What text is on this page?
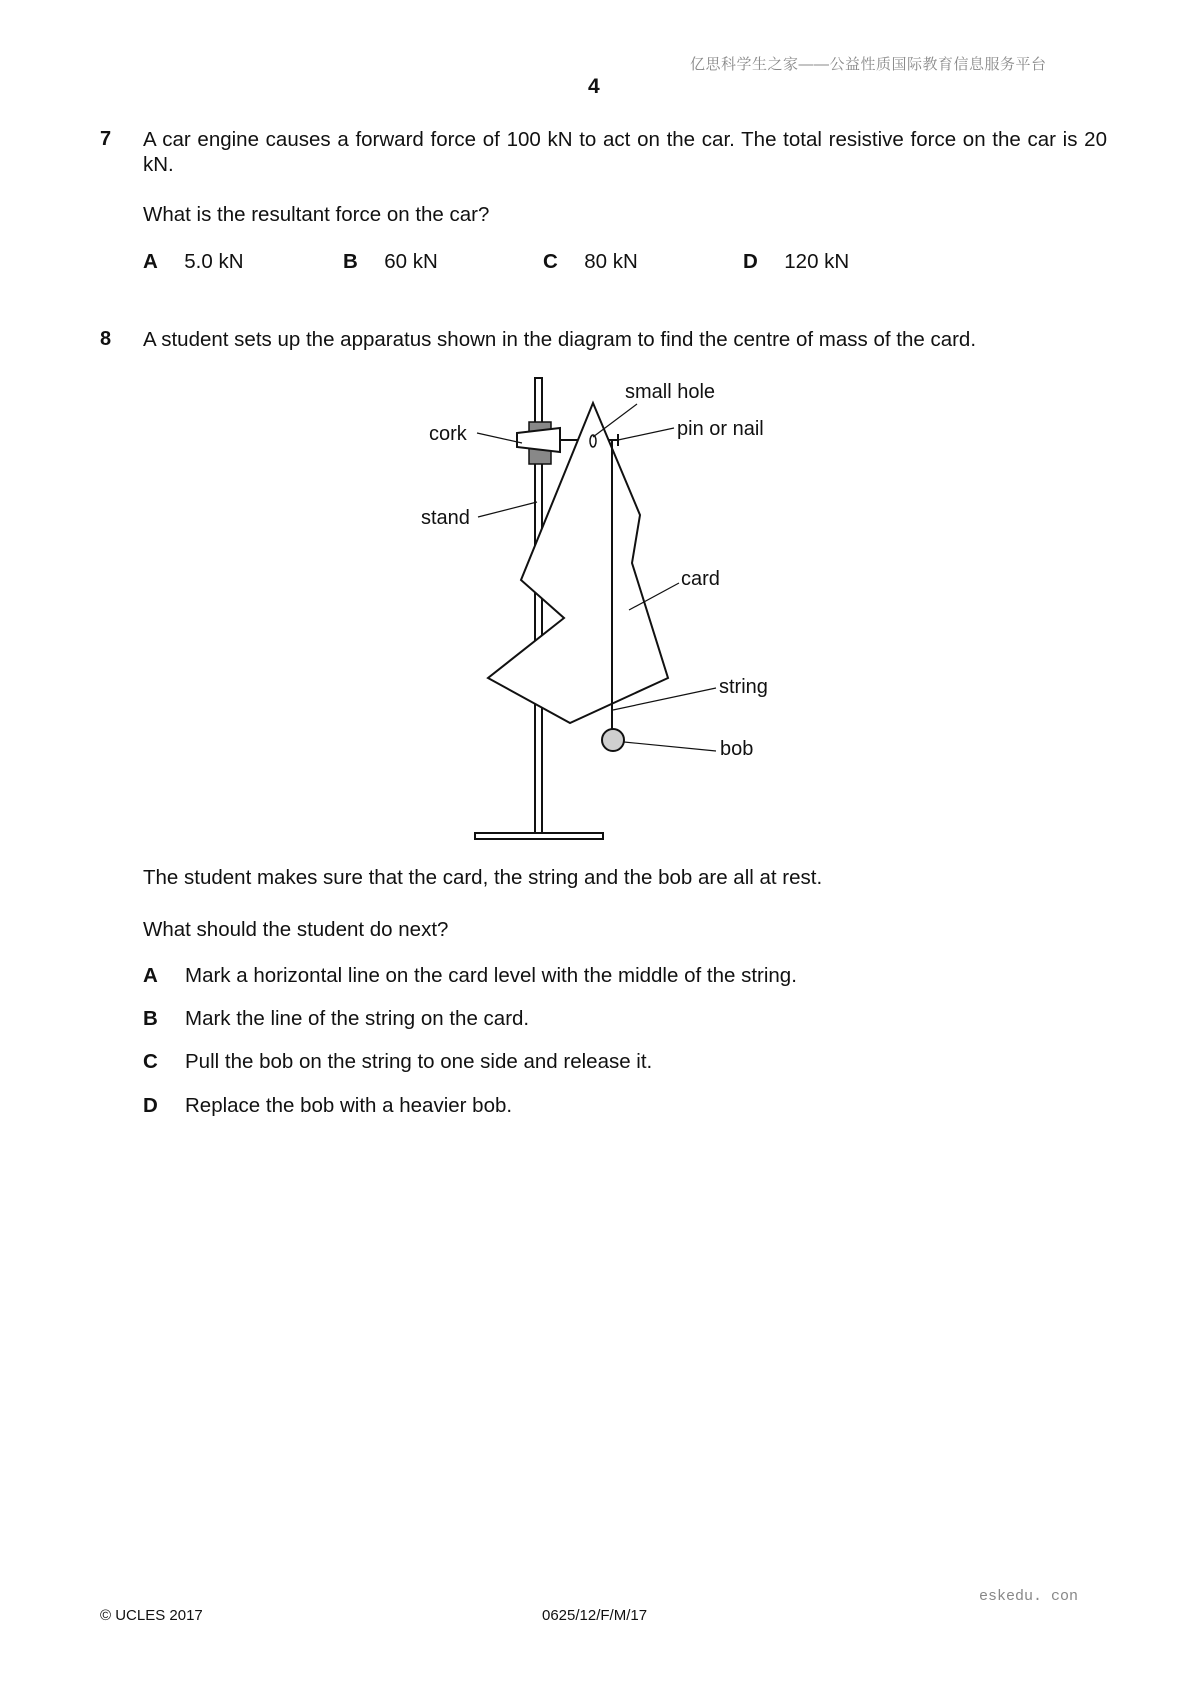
亿思科学生之家——公益性质国际教育信息服务平台
4
7 A car engine causes a forward force of 100 kN to act on the car. The total resistive force on the car is 20 kN.
What is the resultant force on the car?
A 5.0 kN	B 60 kN	C 80 kN	D 120 kN
8 A student sets up the apparatus shown in the diagram to find the centre of mass of the card.
small hole
pin or nail
cork
stand
card
string
bob
The student makes sure that the card, the string and the bob are all at rest.
What should the student do next?
A Mark a horizontal line on the card level with the middle of the string.
B Mark the line of the string on the card.
C Pull the bob on the string to one side and release it.
D Replace the bob with a heavier bob.
eskedu. con
© UCLES 2017	0625/12/F/M/17
